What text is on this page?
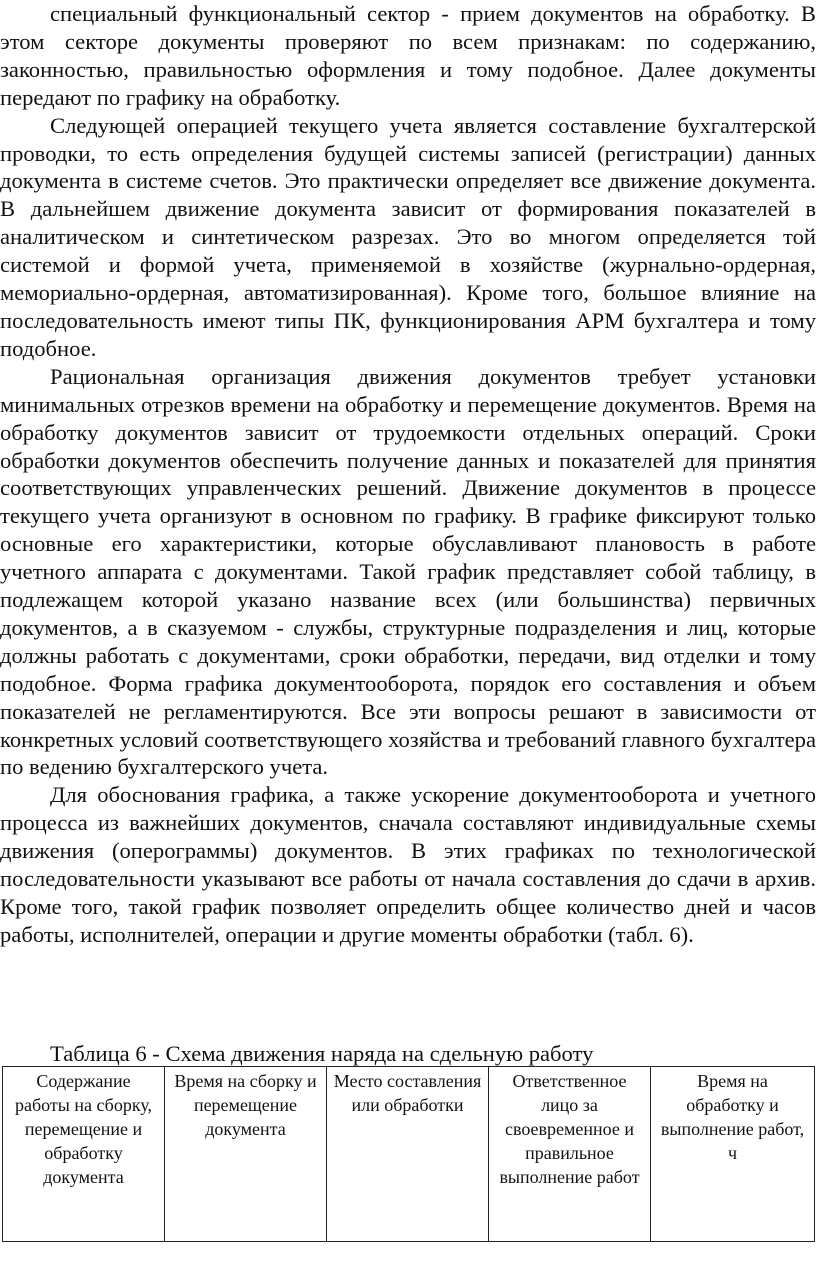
специальный функциональный сектор - прием документов на обработку. В этом секторе документы проверяют по всем признакам: по содержанию, законностью, правильностью оформления и тому подобное. Далее документы передают по графику на обработку.

Следующей операцией текущего учета является составление бухгалтерской проводки, то есть определения будущей системы записей (регистрации) данных документа в системе счетов. Это практически определяет все движение документа. В дальнейшем движение документа зависит от формирования показателей в аналитическом и синтетическом разрезах. Это во многом определяется той системой и формой учета, применяемой в хозяйстве (журнально-ордерная, мемориально-ордерная, автоматизированная). Кроме того, большое влияние на последовательность имеют типы ПК, функционирования АРМ бухгалтера и тому подобное.

Рациональная организация движения документов требует установки минимальных отрезков времени на обработку и перемещение документов. Время на обработку документов зависит от трудоемкости отдельных операций. Сроки обработки документов обеспечить получение данных и показателей для принятия соответствующих управленческих решений. Движение документов в процессе текущего учета организуют в основном по графику. В графике фиксируют только основные его характеристики, которые обуславливают плановость в работе учетного аппарата с документами. Такой график представляет собой таблицу, в подлежащем которой указано название всех (или большинства) первичных документов, а в сказуемом - службы, структурные подразделения и лиц, которые должны работать с документами, сроки обработки, передачи, вид отделки и тому подобное. Форма графика документооборота, порядок его составления и объем показателей не регламентируются. Все эти вопросы решают в зависимости от конкретных условий соответствующего хозяйства и требований главного бухгалтера по ведению бухгалтерского учета.

Для обоснования графика, а также ускорение документооборота и учетного процесса из важнейших документов, сначала составляют индивидуальные схемы движения (оперограммы) документов. В этих графиках по технологической последовательности указывают все работы от начала составления до сдачи в архив. Кроме того, такой график позволяет определить общее количество дней и часов работы, исполнителей, операции и другие моменты обработки (табл. 6).

Таблица 6 - Схема движения наряда на сдельную работу
Содержание работы на сборку, перемещение и обработку документа	Время на сборку и перемещение документа	Место составления или обработки	Ответственное лицо за своевременное и правильное выполнение работ	Время на обработку и выполнение работ, ч
